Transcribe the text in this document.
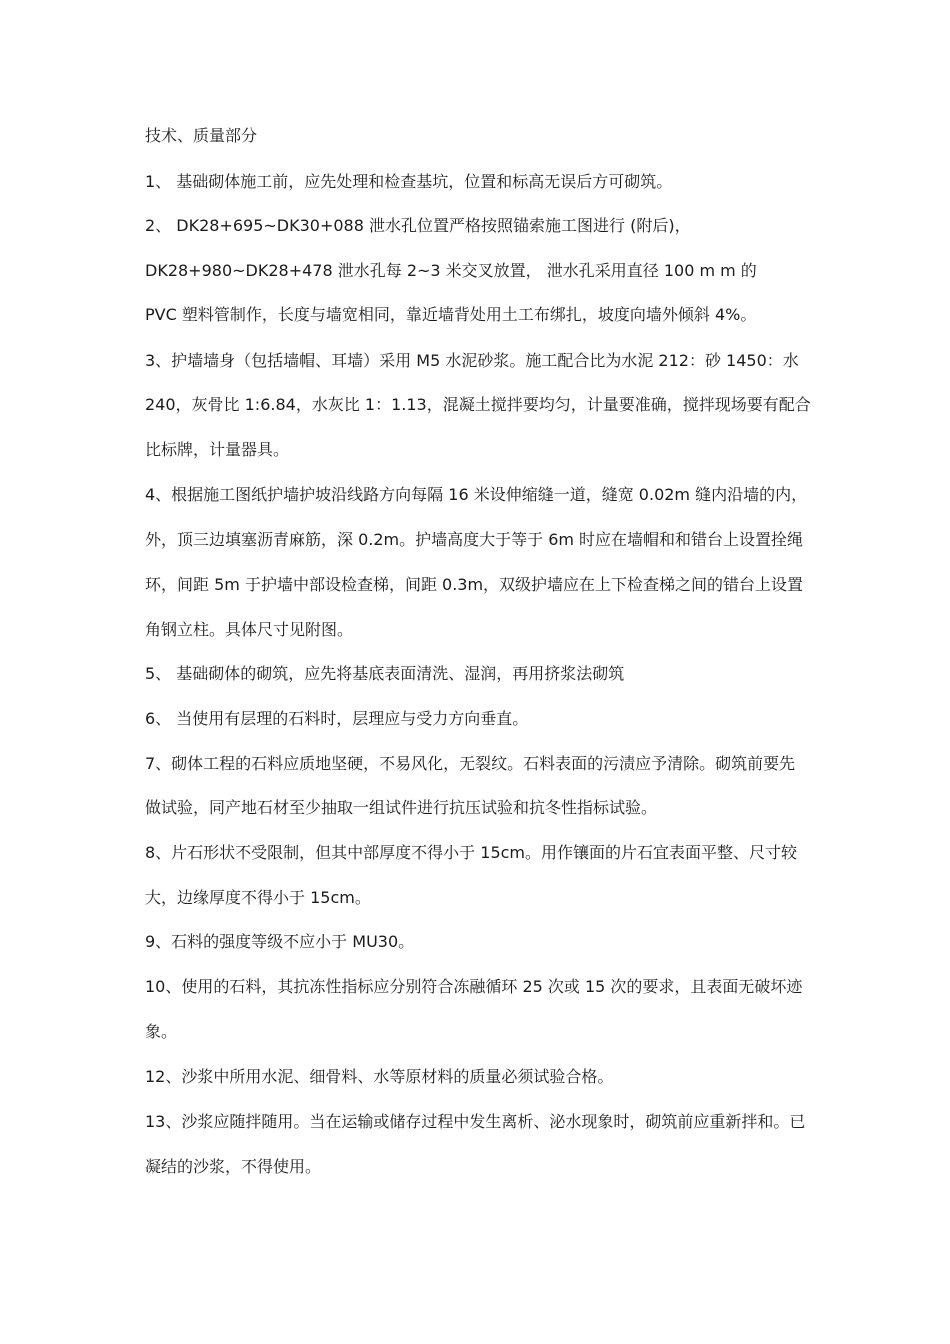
技术、质量部分
1、 基础砌体施工前，应先处理和检查基坑，位置和标高无误后方可砌筑。
2、 DK28+695~DK30+088 泄水孔位置严格按照锚索施工图进行 (附后)，
DK28+980~DK28+478 泄水孔每 2~3 米交叉放置， 泄水孔采用直径 100 m m 的
PVC 塑料管制作，长度与墙宽相同，靠近墙背处用土工布绑扎，坡度向墙外倾斜 4%。
3、护墙墙身（包括墙帽、耳墙）采用 M5 水泥砂浆。施工配合比为水泥 212：砂 1450：水
240，灰骨比 1:6.84，水灰比 1：1.13，混凝土搅拌要均匀，计量要准确，搅拌现场要有配合
比标牌，计量器具。
4、根据施工图纸护墙护坡沿线路方向每隔 16 米设伸缩缝一道，缝宽 0.02m 缝内沿墙的内，
外，顶三边填塞沥青麻筋，深 0.2m。护墙高度大于等于 6m 时应在墙帽和和错台上设置拴绳
环，间距 5m 于护墙中部设检查梯，间距 0.3m，双级护墙应在上下检查梯之间的错台上设置
角钢立柱。具体尺寸见附图。
5、 基础砌体的砌筑，应先将基底表面清洗、湿润，再用挤浆法砌筑
6、 当使用有层理的石料时，层理应与受力方向垂直。
7、砌体工程的石料应质地坚硬，不易风化，无裂纹。石料表面的污渍应予清除。砌筑前要先
做试验，同产地石材至少抽取一组试件进行抗压试验和抗冬性指标试验。
8、片石形状不受限制，但其中部厚度不得小于 15cm。用作镶面的片石宜表面平整、尺寸较
大，边缘厚度不得小于 15cm。
9、石料的强度等级不应小于 MU30。
10、使用的石料，其抗冻性指标应分别符合冻融循环 25 次或 15 次的要求，且表面无破坏迹
象。
12、沙浆中所用水泥、细骨料、水等原材料的质量必须试验合格。
13、沙浆应随拌随用。当在运输或储存过程中发生离析、泌水现象时，砌筑前应重新拌和。已
凝结的沙浆，不得使用。
